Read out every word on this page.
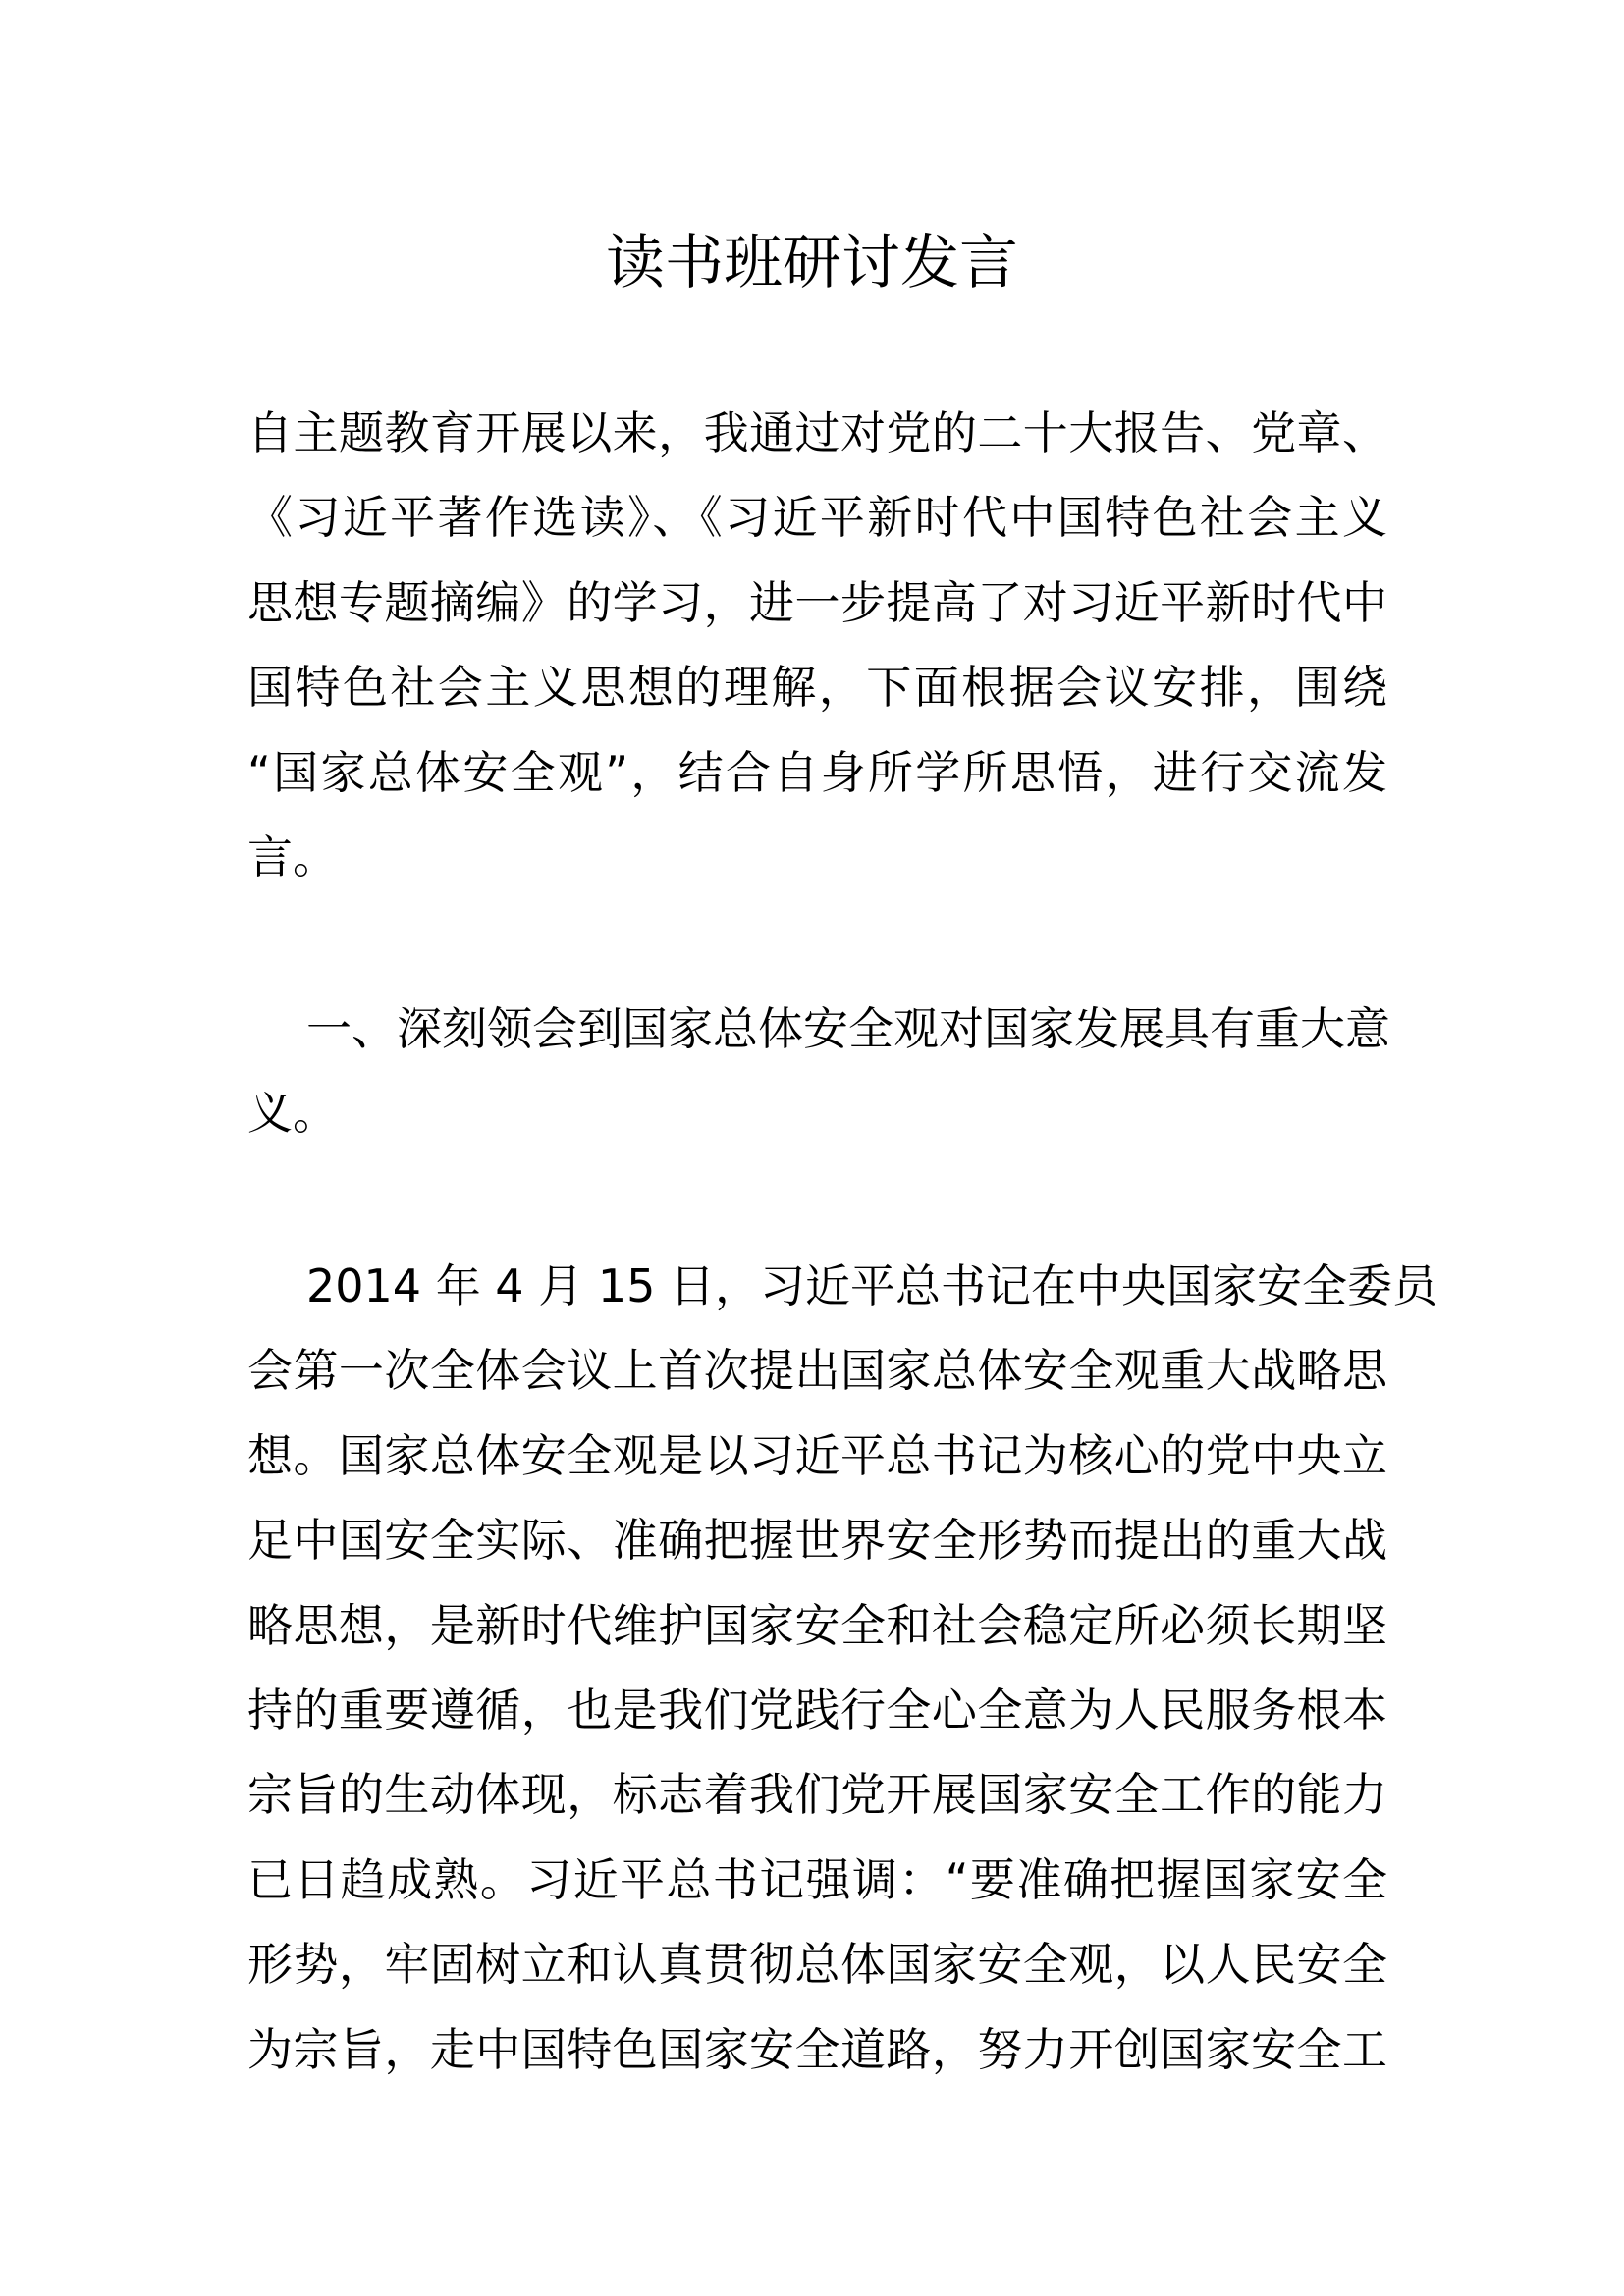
读书班研讨发言
自主题教育开展以来，我通过对党的二十大报告、党章、
《习近平著作选读》、《习近平新时代中国特色社会主义
思想专题摘编》的学习，进一步提高了对习近平新时代中
国特色社会主义思想的理解，下面根据会议安排，围绕
“国家总体安全观”，结合自身所学所思悟，进行交流发
言。
一、深刻领会到国家总体安全观对国家发展具有重大意
义。
2014 年 4 月 15 日，习近平总书记在中央国家安全委员
会第一次全体会议上首次提出国家总体安全观重大战略思
想。国家总体安全观是以习近平总书记为核心的党中央立
足中国安全实际、准确把握世界安全形势而提出的重大战
略思想，是新时代维护国家安全和社会稳定所必须长期坚
持的重要遵循，也是我们党践行全心全意为人民服务根本
宗旨的生动体现，标志着我们党开展国家安全工作的能力
已日趋成熟。习近平总书记强调：“要准确把握国家安全
形势，牢固树立和认真贯彻总体国家安全观，以人民安全
为宗旨，走中国特色国家安全道路，努力开创国家安全工
